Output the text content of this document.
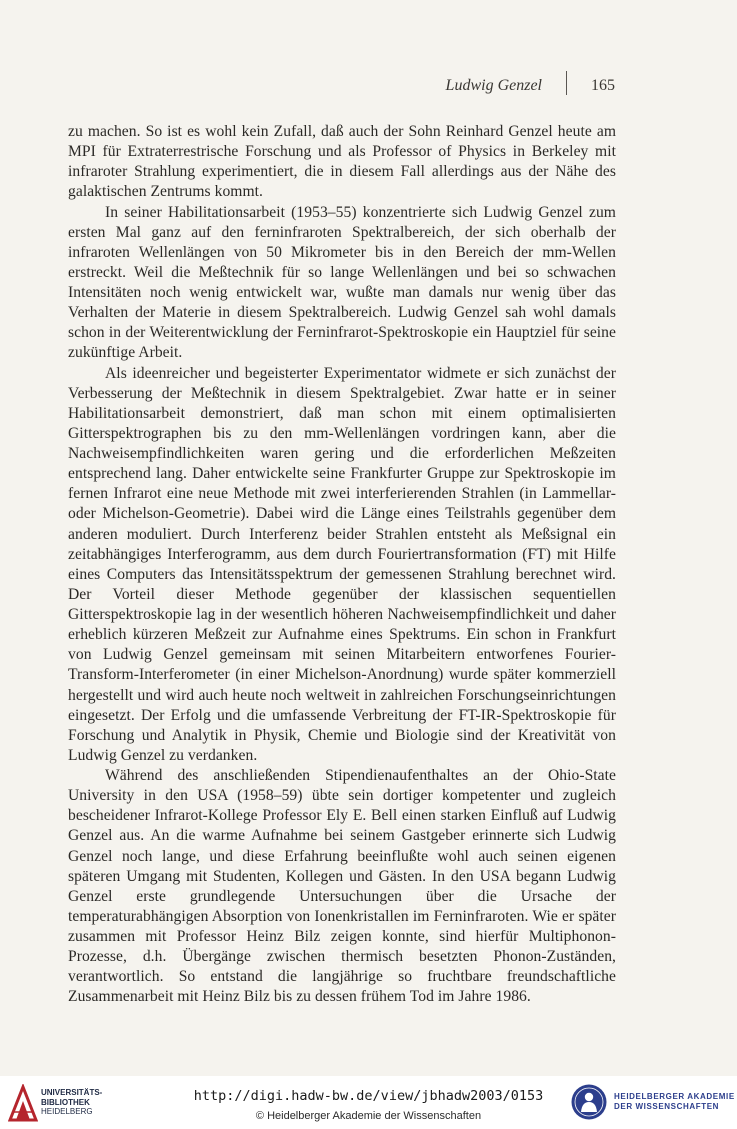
Ludwig Genzel	165

zu machen. So ist es wohl kein Zufall, daß auch der Sohn Reinhard Genzel heute am MPI für Extraterrestrische Forschung und als Professor of Physics in Berkeley mit infraroter Strahlung experimentiert, die in diesem Fall allerdings aus der Nähe des galaktischen Zentrums kommt.

In seiner Habilitationsarbeit (1953–55) konzentrierte sich Ludwig Genzel zum ersten Mal ganz auf den ferninfraroten Spektralbereich, der sich oberhalb der infraroten Wellenlängen von 50 Mikrometer bis in den Bereich der mm-Wellen erstreckt. Weil die Meßtechnik für so lange Wellenlängen und bei so schwachen Intensitäten noch wenig entwickelt war, wußte man damals nur wenig über das Verhalten der Materie in diesem Spektralbereich. Ludwig Genzel sah wohl damals schon in der Weiterentwicklung der Ferninfrarot-Spektroskopie ein Hauptziel für seine zukünftige Arbeit.

Als ideenreicher und begeisterter Experimentator widmete er sich zunächst der Verbesserung der Meßtechnik in diesem Spektralgebiet. Zwar hatte er in seiner Habilitationsarbeit demonstriert, daß man schon mit einem optimalisierten Gitterspektrographen bis zu den mm-Wellenlängen vordringen kann, aber die Nachweisempfindlichkeiten waren gering und die erforderlichen Meßzeiten entsprechend lang. Daher entwickelte seine Frankfurter Gruppe zur Spektroskopie im fernen Infrarot eine neue Methode mit zwei interferierenden Strahlen (in Lammellar- oder Michelson-Geometrie). Dabei wird die Länge eines Teilstrahls gegenüber dem anderen moduliert. Durch Interferenz beider Strahlen entsteht als Meßsignal ein zeitabhängiges Interferogramm, aus dem durch Fouriertransformation (FT) mit Hilfe eines Computers das Intensitätsspektrum der gemessenen Strahlung berechnet wird. Der Vorteil dieser Methode gegenüber der klassischen sequentiellen Gitterspektroskopie lag in der wesentlich höheren Nachweisempfindlichkeit und daher erheblich kürzeren Meßzeit zur Aufnahme eines Spektrums. Ein schon in Frankfurt von Ludwig Genzel gemeinsam mit seinen Mitarbeitern entworfenes Fourier-Transform-Interferometer (in einer Michelson-Anordnung) wurde später kommerziell hergestellt und wird auch heute noch weltweit in zahlreichen Forschungseinrichtungen eingesetzt. Der Erfolg und die umfassende Verbreitung der FT-IR-Spektroskopie für Forschung und Analytik in Physik, Chemie und Biologie sind der Kreativität von Ludwig Genzel zu verdanken.

Während des anschließenden Stipendienaufenthaltes an der Ohio-State University in den USA (1958–59) übte sein dortiger kompetenter und zugleich bescheidener Infrarot-Kollege Professor Ely E. Bell einen starken Einfluß auf Ludwig Genzel aus. An die warme Aufnahme bei seinem Gastgeber erinnerte sich Ludwig Genzel noch lange, und diese Erfahrung beeinflußte wohl auch seinen eigenen späteren Umgang mit Studenten, Kollegen und Gästen. In den USA begann Ludwig Genzel erste grundlegende Untersuchungen über die Ursache der temperaturabhängigen Absorption von Ionenkristallen im Ferninfraroten. Wie er später zusammen mit Professor Heinz Bilz zeigen konnte, sind hierfür Multiphonon-Prozesse, d.h. Übergänge zwischen thermisch besetzten Phonon-Zuständen, verantwortlich. So entstand die langjährige so fruchtbare freundschaftliche Zusammenarbeit mit Heinz Bilz bis zu dessen frühem Tod im Jahre 1986.

UNIVERSITÄTS-
BIBLIOTHEK
HEIDELBERG
http://digi.hadw-bw.de/view/jbhadw2003/0153
© Heidelberger Akademie der Wissenschaften
HEIDELBERGER AKADEMIE
DER WISSENSCHAFTEN
